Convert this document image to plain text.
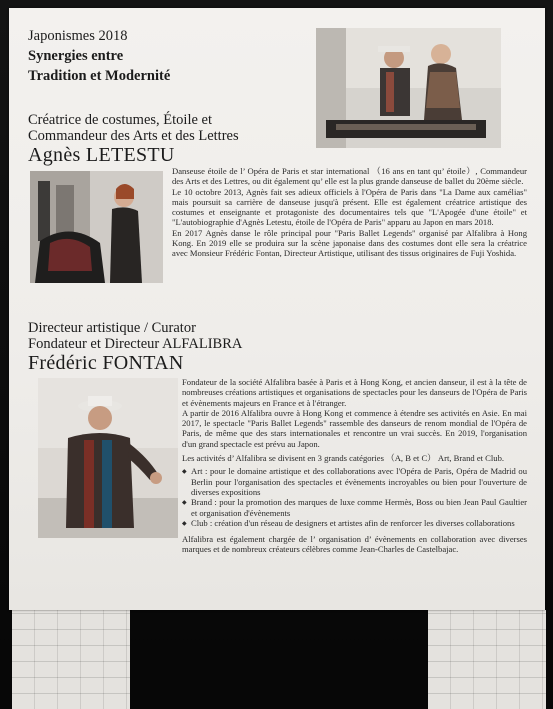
Japonismes 2018
Synergies entre
Tradition et Modernité
Créatrice de costumes, Étoile et
Commandeur des Arts et des Lettres
Agnès LETESTU

Danseuse étoile de l’ Opéra de Paris et star international （16 ans en tant qu’ étoile）, Commandeur des Arts et des Lettres, ou dit également qu’ elle est la plus grande danseuse de ballet du 20ème siècle.

Le 10 octobre 2013, Agnès fait ses adieux officiels à l'Opéra de Paris dans "La Dame aux camélias" mais poursuit sa carrière de danseuse jusqu'à présent. Elle est également créatrice artistique des costumes et enseignante et protagoniste des documentaires tels que "L'Apogée d'une étoile" et "L'autobiographie d'Agnès Letestu, étoile de l'Opéra de Paris" apparu au Japon en mars 2018.

En 2017 Agnès danse le rôle principal pour "Paris Ballet Legends" organisé par Alfalibra à Hong Kong. En 2019 elle se produira sur la scène japonaise dans des costumes dont elle sera la créatrice avec Monsieur Frédéric Fontan, Directeur Artistique, utilisant des tissus originaires de Fuji Yoshida.

Directeur artistique / Curator
Fondateur et Directeur ALFALIBRA
Frédéric FONTAN

Fondateur de la société Alfalibra basée à Paris et à Hong Kong, et ancien danseur, il est à la tête de nombreuses créations artistiques et organisations de spectacles pour les danseurs de l'Opéra de Paris et évènements majeurs en France et à l'étranger.

A partir de 2016 Alfalibra ouvre à Hong Kong et commence à étendre ses activités en Asie. En mai 2017, le spectacle "Paris Ballet Legends" rassemble des danseurs de renom mondial de l'Opéra de Paris, de même que des stars internationales et rencontre un vrai succès. En 2019, l'organisation d'un grand spectacle est prévu au Japon.

Les activités d’ Alfalibra se divisent en 3 grands catégories （A, B et C） Art, Brand et Club.

◆ Art : pour le domaine artistique et des collaborations avec l'Opéra de Paris, Opéra de Madrid ou Berlin pour l'organisation des spectacles et évènements incroyables ou bien pour l'ouverture de diverses expositions
◆ Brand : pour la promotion des marques de luxe comme Hermès, Boss ou bien Jean Paul Gaultier et organisation d'évènements
◆ Club : création d'un réseau de designers et artistes afin de renforcer les diverses collaborations

Alfalibra est également chargée de l’ organisation d’ évènements en collaboration avec diverses marques et de nombreux créateurs célèbres comme Jean-Charles de Castelbajac.
